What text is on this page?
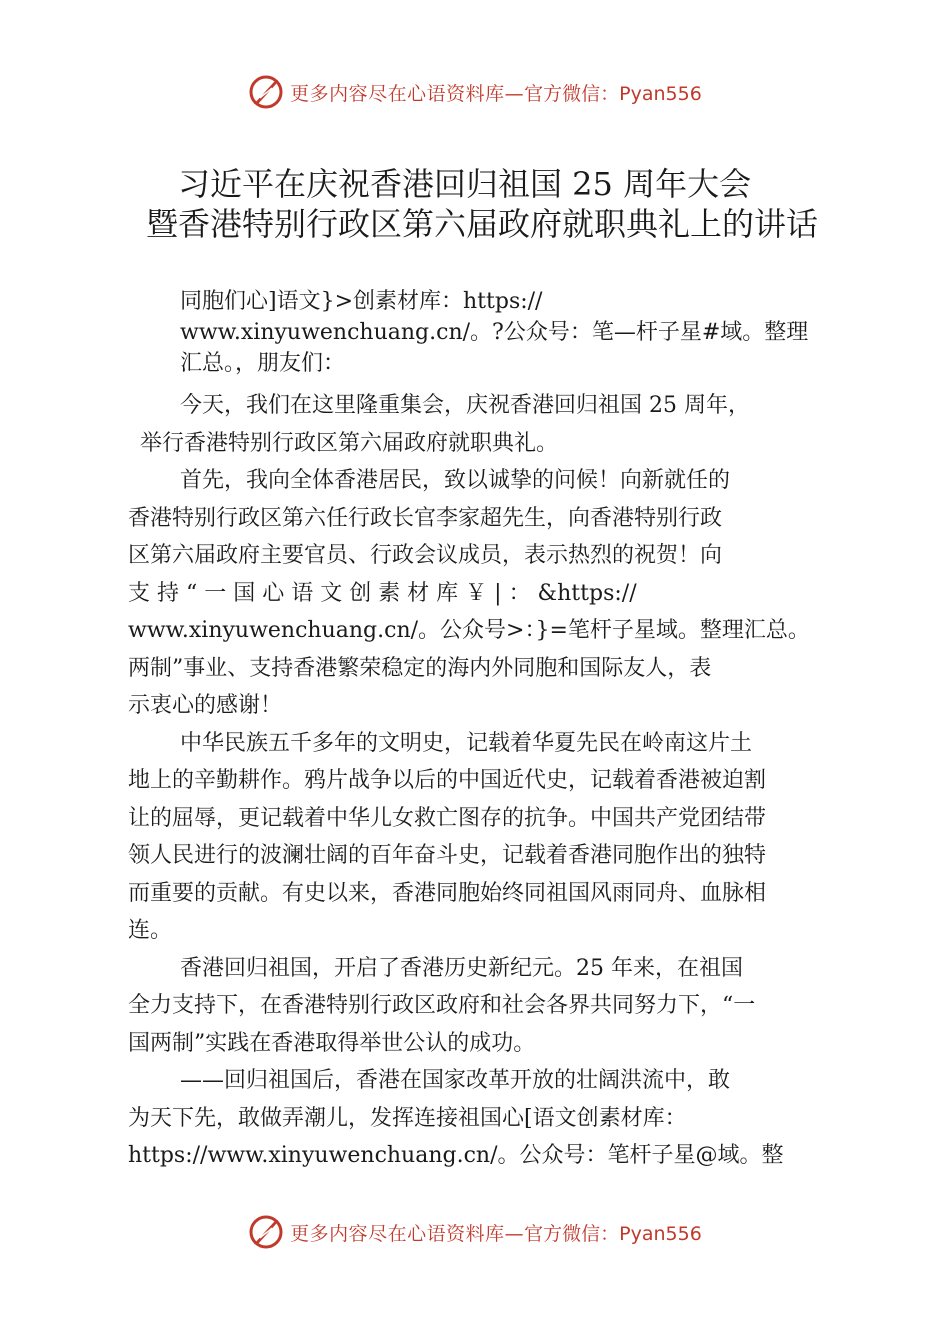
更多内容尽在心语资料库— 官方微信：Pyan556
习近平在庆祝香港回归祖国 25 周年大会
暨香港特别行政区第六届政府就职典礼上的讲话

同胞们心]语文}>创素材库：https://
www.xinyuwenchuang.cn/。?公众号：笔—杆子星#域。整理
汇总。，朋友们：

今天，我们在这里隆重集会，庆祝香港回归祖国 25 周年，
举行香港特别行政区第六届政府就职典礼。

首先，我向全体香港居民，致以诚挚的问候！向新就任的
香港特别行政区第六任行政长官李家超先生，向香港特别行政
区第六届政府主要官员、行政会议成员，表示热烈的祝贺！向
支 持 “ 一 国 心 语 文 创 素 材 库 ￥ | ： &https://
www.xinyuwenchuang.cn/。公众号>：}=笔杆子星域。整理汇总。
两制”事业、支持香港繁荣稳定的海内外同胞和国际友人，表
示衷心的感谢！

中华民族五千多年的文明史，记载着华夏先民在岭南这片土
地上的辛勤耕作。鸦片战争以后的中国近代史，记载着香港被迫割
让的屈辱，更记载着中华儿女救亡图存的抗争。中国共产党团结带
领人民进行的波澜壮阔的百年奋斗史，记载着香港同胞作出的独特
而重要的贡献。有史以来，香港同胞始终同祖国风雨同舟、血脉相
连。

香港回归祖国，开启了香港历史新纪元。25 年来，在祖国
全力支持下，在香港特别行政区政府和社会各界共同努力下，“一
国两制”实践在香港取得举世公认的成功。

——回归祖国后，香港在国家改革开放的壮阔洪流中，敢
为天下先，敢做弄潮儿，发挥连接祖国心[语文创素材库：
https://www.xinyuwenchuang.cn/。公众号：笔杆子星@域。整

更多内容尽在心语资料库— 官方微信：Pyan556
